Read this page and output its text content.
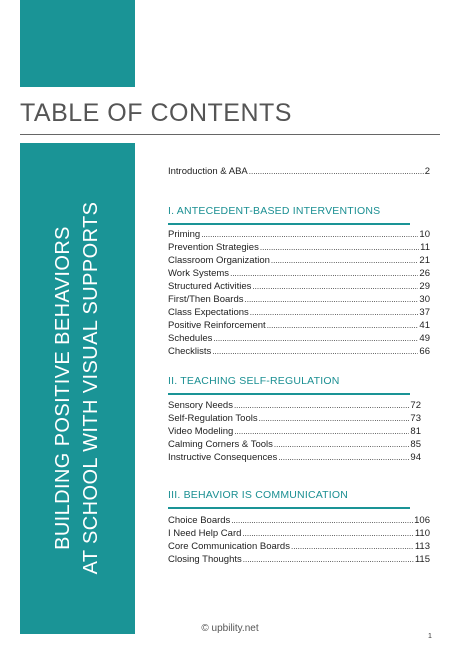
TABLE OF CONTENTS
BUILDING POSITIVE BEHAVIORS AT SCHOOL WITH VISUAL SUPPORTS
Introduction & ABA .....	2
I. ANTECEDENT-BASED INTERVENTIONS
Priming .....	10
Prevention Strategies .....	11
Classroom Organization .....	21
Work Systems .....	26
Structured Activities .....	29
First/Then Boards .....	30
Class Expectations .....	37
Positive Reinforcement .....	41
Schedules .....	49
Checklists .....	66
II. TEACHING SELF-REGULATION
Sensory Needs .....	72
Self-Regulation Tools .....	73
Video Modeling .....	81
Calming Corners & Tools .....	85
Instructive Consequences .....	94
III. BEHAVIOR IS COMMUNICATION
Choice Boards .....	106
I Need Help Card .....	110
Core Communication Boards .....	113
Closing Thoughts .....	115
© upbility.net
1
